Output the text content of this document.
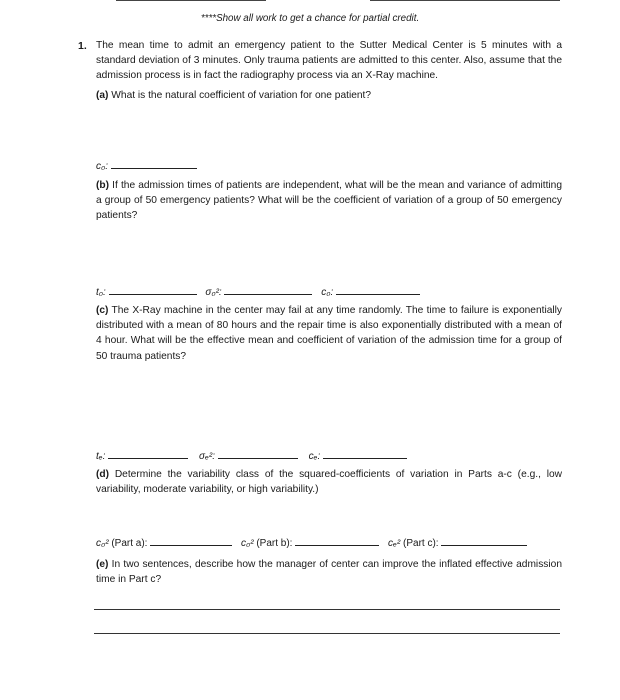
****Show all work to get a chance for partial credit.
1. The mean time to admit an emergency patient to the Sutter Medical Center is 5 minutes with a standard deviation of 3 minutes. Only trauma patients are admitted to this center. Also, assume that the admission process is in fact the radiography process via an X-Ray machine.
(a) What is the natural coefficient of variation for one patient?
c₀:
(b) If the admission times of patients are independent, what will be the mean and variance of admitting a group of 50 emergency patients? What will be the coefficient of variation of a group of 50 emergency patients?
t₀:	σ₀²:	c₀:
(c) The X-Ray machine in the center may fail at any time randomly. The time to failure is exponentially distributed with a mean of 80 hours and the repair time is also exponentially distributed with a mean of 4 hour. What will be the effective mean and coefficient of variation of the admission time for a group of 50 trauma patients?
tₑ:	σₑ²:	cₑ:
(d) Determine the variability class of the squared-coefficients of variation in Parts a-c (e.g., low variability, moderate variability, or high variability.)
c₀² (Part a):	c₀² (Part b):	cₑ² (Part c):
(e) In two sentences, describe how the manager of center can improve the inflated effective admission time in Part c?
